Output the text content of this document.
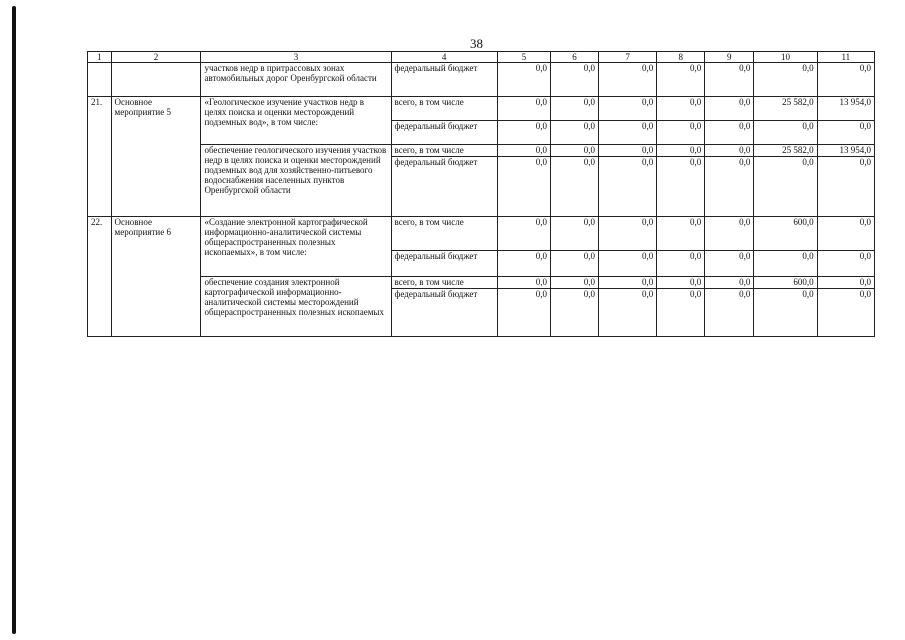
38
1	2	3	4	5	6	7	8	9	10	11
		участков недр в притрассовых зонах автомобильных дорог Оренбургской области	федеральный бюджет	0,0	0,0	0,0	0,0	0,0	0,0	0,0
21.	Основное мероприятие 5	«Геологическое изучение участков недр в целях поиска и оценки месторождений подземных вод», в том числе:	всего, в том числе	0,0	0,0	0,0	0,0	0,0	25 582,0	13 954,0
			федеральный бюджет	0,0	0,0	0,0	0,0	0,0	0,0	0,0
		обеспечение геологического изучения участков недр в целях поиска и оценки месторождений подземных вод для хозяйственно-питьевого водоснабжения населенных пунктов Оренбургской области	всего, в том числе	0,0	0,0	0,0	0,0	0,0	25 582,0	13 954,0
			федеральный бюджет	0,0	0,0	0,0	0,0	0,0	0,0	0,0
22.	Основное мероприятие 6	«Создание электронной картографической информационно-аналитической системы общераспространенных полезных ископаемых», в том числе:	всего, в том числе	0,0	0,0	0,0	0,0	0,0	600,0	0,0
			федеральный бюджет	0,0	0,0	0,0	0,0	0,0	0,0	0,0
		обеспечение создания электронной картографической информационно-аналитической системы месторождений общераспространенных полезных ископаемых	всего, в том числе	0,0	0,0	0,0	0,0	0,0	600,0	0,0
			федеральный бюджет	0,0	0,0	0,0	0,0	0,0	0,0	0,0
